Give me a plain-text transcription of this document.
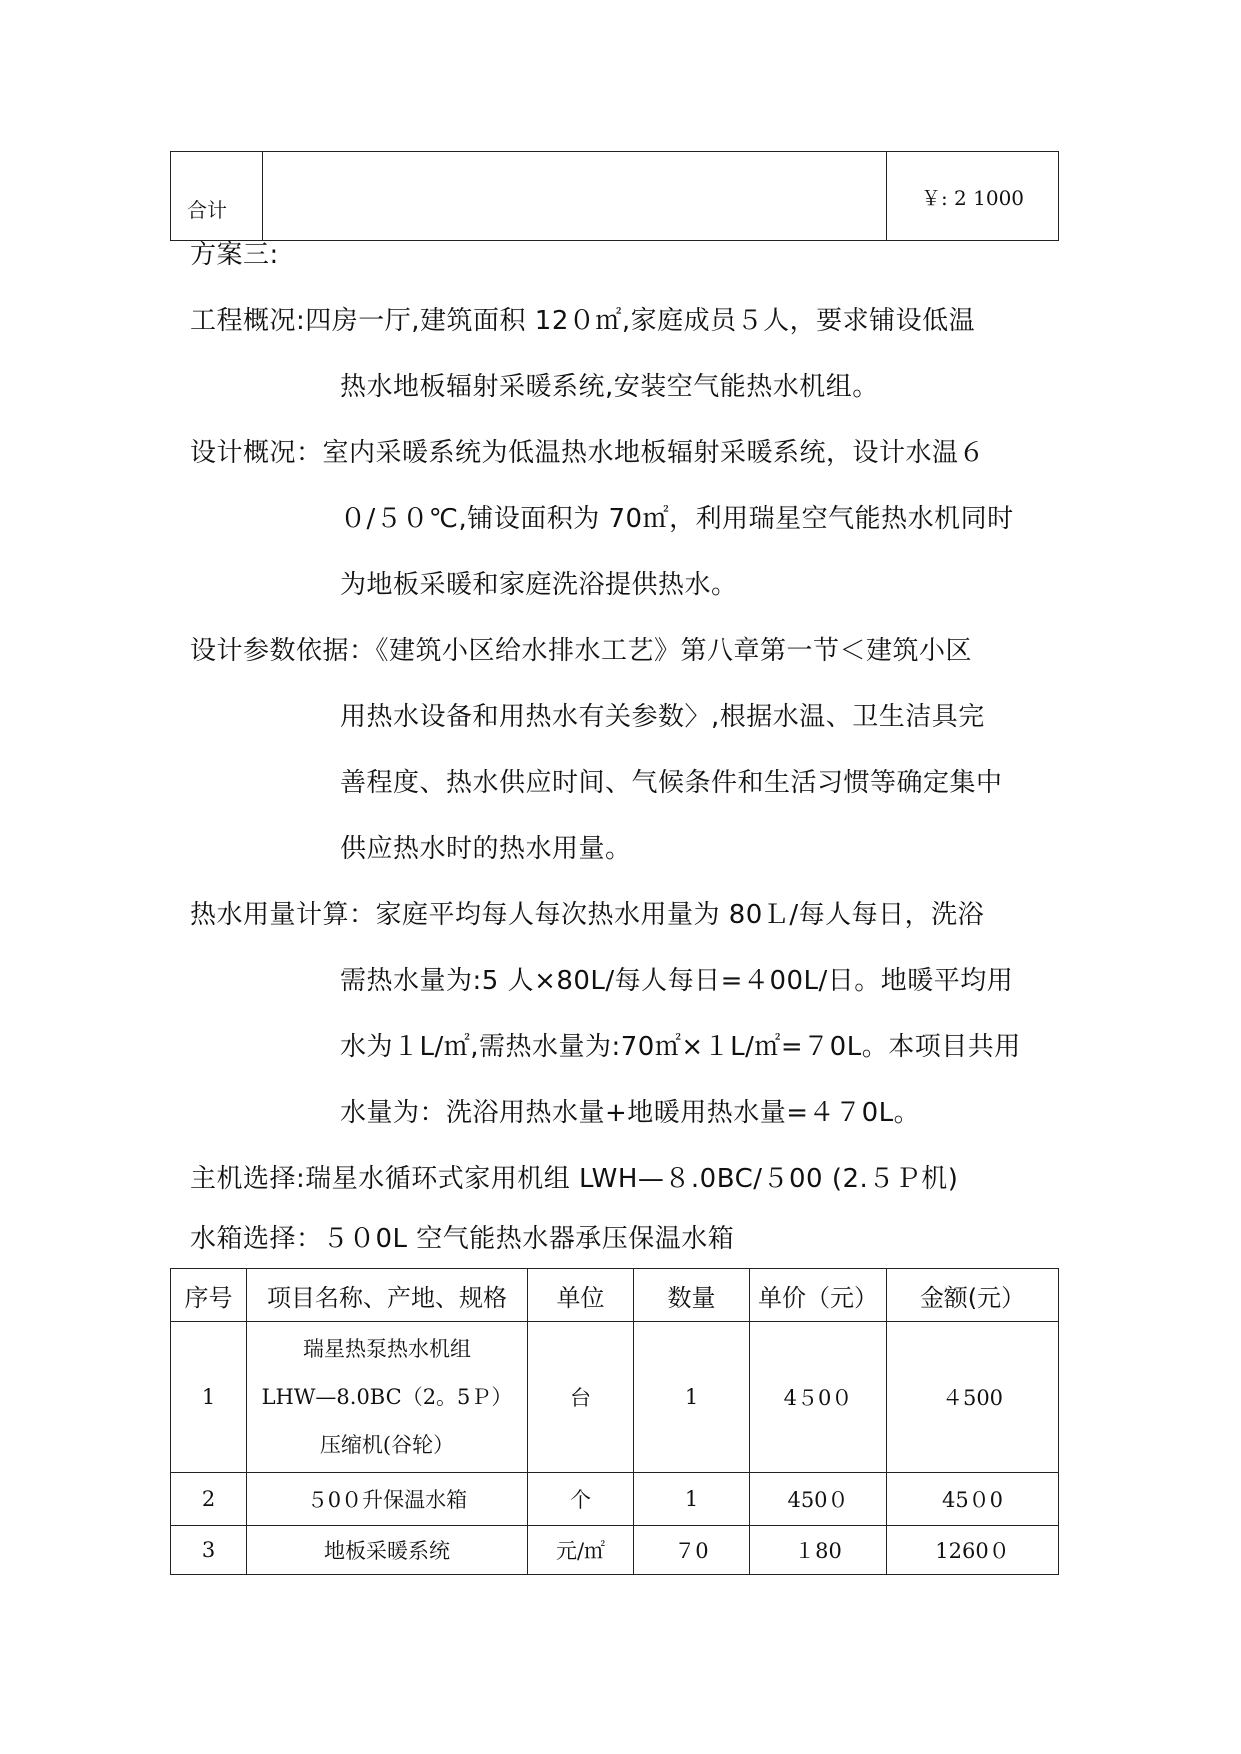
合计		￥: 2 1000
方案三:
工程概况:四房一厅,建筑面积 12０㎡,家庭成员５人，要求铺设低温
热水地板辐射采暖系统,安装空气能热水机组。
设计概况：室内采暖系统为低温热水地板辐射采暖系统，设计水温６
０/５０℃,铺设面积为 70㎡，利用瑞星空气能热水机同时
为地板采暖和家庭洗浴提供热水。
设计参数依据：《建筑小区给水排水工艺》第八章第一节＜建筑小区
用热水设备和用热水有关参数〉,根据水温、卫生洁具完
善程度、热水供应时间、气候条件和生活习惯等确定集中
供应热水时的热水用量。
热水用量计算：家庭平均每人每次热水用量为 80Ｌ/每人每日，洗浴
需热水量为:5 人×80L/每人每日=４00L/日。地暖平均用
水为１L/㎡,需热水量为:70㎡×１L/㎡=７0L。本项目共用
水量为：洗浴用热水量+地暖用热水量=４７0L。
主机选择:瑞星水循环式家用机组 LWH—８.0BC/５00 (2.５Ｐ机)
水箱选择：５０0L 空气能热水器承压保温水箱
序号	项目名称、产地、规格	单位	数量	单价（元）	金额(元）
1	瑞星热泵热水机组
LHW—8.0BC（2。5Ｐ）
压缩机(谷轮）	台	1	4５0０	４500
2	５0０升保温水箱	个	1	450０	45０0
3	地板采暖系统	元/㎡	７0	１80	1260０
